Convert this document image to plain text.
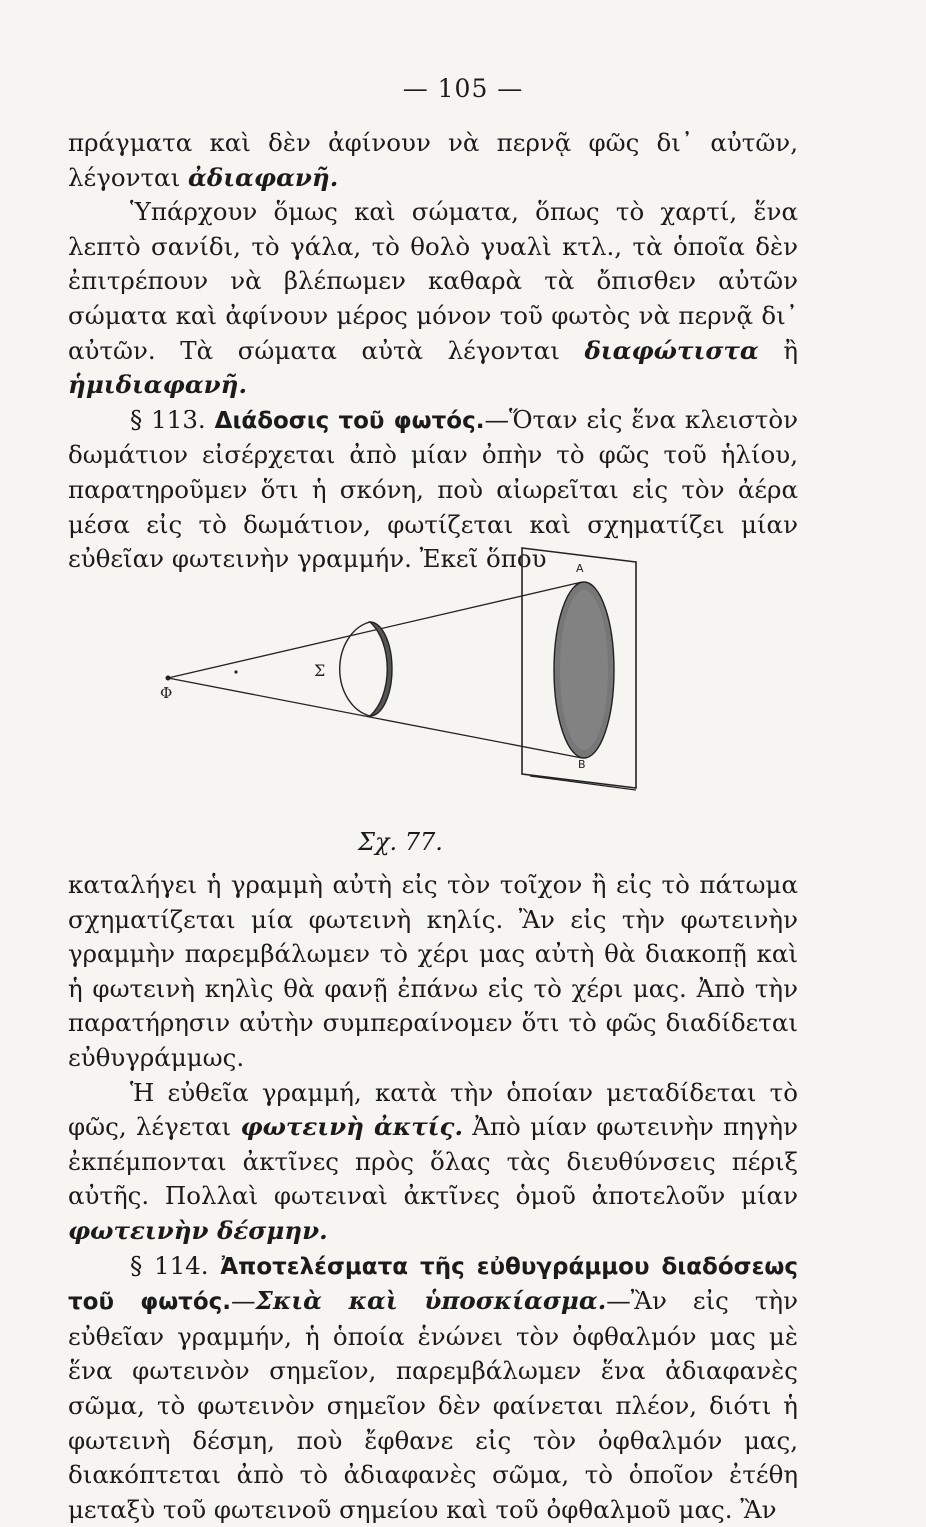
— 105 —

πράγματα καὶ δὲν ἀφίνουν νὰ περνᾷ φῶς δι᾽ αὐτῶν, λέγονται ἀδιαφανῆ.

Ὑπάρχουν ὅμως καὶ σώματα, ὅπως τὸ χαρτί, ἕνα λεπτὸ σανίδι, τὸ γάλα, τὸ θολὸ γυαλὶ κτλ., τὰ ὁποῖα δὲν ἐπιτρέπουν νὰ βλέπωμεν καθαρὰ τὰ ὄπισθεν αὐτῶν σώματα καὶ ἀφίνουν μέρος μόνον τοῦ φωτὸς νὰ περνᾷ δι᾽ αὐτῶν. Τὰ σώματα αὐτὰ λέγονται διαφώτιστα ἢ ἡμιδιαφανῆ.

§ 113. Διάδοσις τοῦ φωτός.—Ὅταν εἰς ἕνα κλειστὸν δωμάτιον εἰσέρχεται ἀπὸ μίαν ὀπὴν τὸ φῶς τοῦ ἡλίου, παρατηροῦμεν ὅτι ἡ σκόνη, ποὺ αἰωρεῖται εἰς τὸν ἀέρα μέσα εἰς τὸ δωμάτιον, φωτίζεται καὶ σχηματίζει μίαν εὐθεῖαν φωτεινὴν γραμμήν. Ἐκεῖ ὅπου

Φ
Σ
Α
Β
Σχ. 77.

καταλήγει ἡ γραμμὴ αὐτὴ εἰς τὸν τοῖχον ἢ εἰς τὸ πάτωμα σχηματίζεται μία φωτεινὴ κηλίς. Ἂν εἰς τὴν φωτεινὴν γραμμὴν παρεμβάλωμεν τὸ χέρι μας αὐτὴ θὰ διακοπῇ καὶ ἡ φωτεινὴ κηλὶς θὰ φανῇ ἐπάνω εἰς τὸ χέρι μας. Ἀπὸ τὴν παρατήρησιν αὐτὴν συμπεραίνομεν ὅτι τὸ φῶς διαδίδεται εὐθυγράμμως.

Ἡ εὐθεῖα γραμμή, κατὰ τὴν ὁποίαν μεταδίδεται τὸ φῶς, λέγεται φωτεινὴ ἀκτίς. Ἀπὸ μίαν φωτεινὴν πηγὴν ἐκπέμπονται ἀκτῖνες πρὸς ὅλας τὰς διευθύνσεις πέριξ αὐτῆς. Πολλαὶ φωτειναὶ ἀκτῖνες ὁμοῦ ἀποτελοῦν μίαν φωτεινὴν δέσμην.

§ 114. Ἀποτελέσματα τῆς εὐθυγράμμου διαδόσεως τοῦ φωτός.—Σκιὰ καὶ ὑποσκίασμα.—Ἂν εἰς τὴν εὐθεῖαν γραμμήν, ἡ ὁποία ἑνώνει τὸν ὀφθαλμόν μας μὲ ἕνα φωτεινὸν σημεῖον, παρεμβάλωμεν ἕνα ἀδιαφανὲς σῶμα, τὸ φωτεινὸν σημεῖον δὲν φαίνεται πλέον, διότι ἡ φωτεινὴ δέσμη, ποὺ ἔφθανε εἰς τὸν ὀφθαλμόν μας, διακόπτεται ἀπὸ τὸ ἀδιαφανὲς σῶμα, τὸ ὁποῖον ἐτέθη μεταξὺ τοῦ φωτεινοῦ σημείου καὶ τοῦ ὀφθαλμοῦ μας. Ἂν
